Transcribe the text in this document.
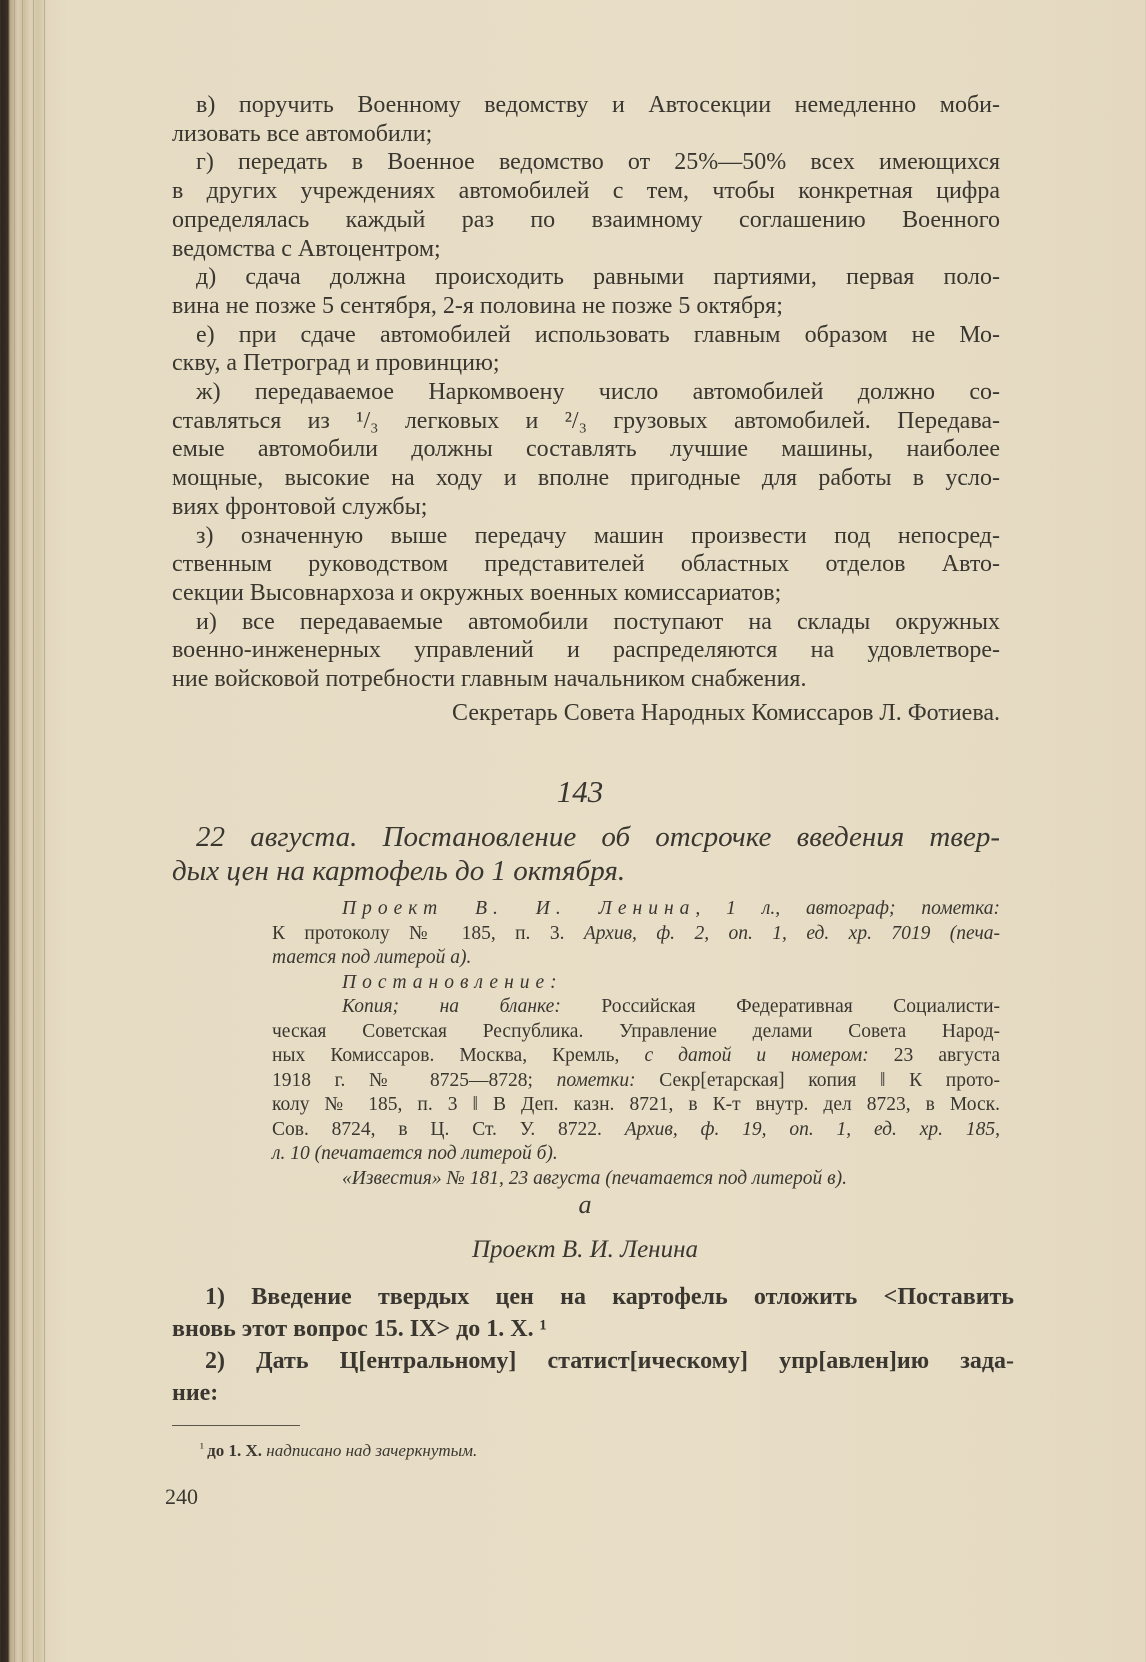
в) поручить Военному ведомству и Автосекции немедленно моби-
лизовать все автомобили;
г) передать в Военное ведомство от 25%—50% всех имеющихся
в других учреждениях автомобилей с тем, чтобы конкретная цифра
определялась каждый раз по взаимному соглашению Военного
ведомства с Автоцентром;
д) сдача должна происходить равными партиями, первая поло-
вина не позже 5 сентября, 2-я половина не позже 5 октября;
е) при сдаче автомобилей использовать главным образом не Мо-
скву, а Петроград и провинцию;
ж) передаваемое Наркомвоену число автомобилей должно со-
ставляться из ¹/₃ легковых и ²/₃ грузовых автомобилей. Передава-
емые автомобили должны составлять лучшие машины, наиболее
мощные, высокие на ходу и вполне пригодные для работы в усло-
виях фронтовой службы;
з) означенную выше передачу машин произвести под непосред-
ственным руководством представителей областных отделов Авто-
секции Высовнархоза и окружных военных комиссариатов;
и) все передаваемые автомобили поступают на склады окружных
военно-инженерных управлений и распределяются на удовлетворе-
ние войсковой потребности главным начальником снабжения.
Секретарь Совета Народных Комиссаров Л. Фотиева.
143
22 августа. Постановление об отсрочке введения твер-
дых цен на картофель до 1 октября.
Проект В. И. Ленина, 1 л., автограф; пометка:
К протоколу № 185, п. 3. Архив, ф. 2, оп. 1, ед. хр. 7019 (печа-
тается под литерой а).
Постановление:
Копия; на бланке: Российская Федеративная Социалисти-
ческая Советская Республика. Управление делами Совета Народ-
ных Комиссаров. Москва, Кремль, с датой и номером: 23 августа
1918 г. № 8725—8728; пометки: Секр[етарская] копия ‖ К прото-
колу № 185, п. 3 ‖ В Деп. казн. 8721, в К-т внутр. дел 8723, в Моск.
Сов. 8724, в Ц. Ст. У. 8722. Архив, ф. 19, оп. 1, ед. хр. 185,
л. 10 (печатается под литерой б).
«Известия» № 181, 23 августа (печатается под литерой в).
а
Проект В. И. Ленина
1) Введение твердых цен на картофель отложить <Поставить
вновь этот вопрос 15. IX> до 1. X. ¹
2) Дать Ц[ентральному] статист[ическому] упр[авлен]ию зада-
ние:
$^{^1}$ до 1. X. надписано над зачеркнутым.
240
